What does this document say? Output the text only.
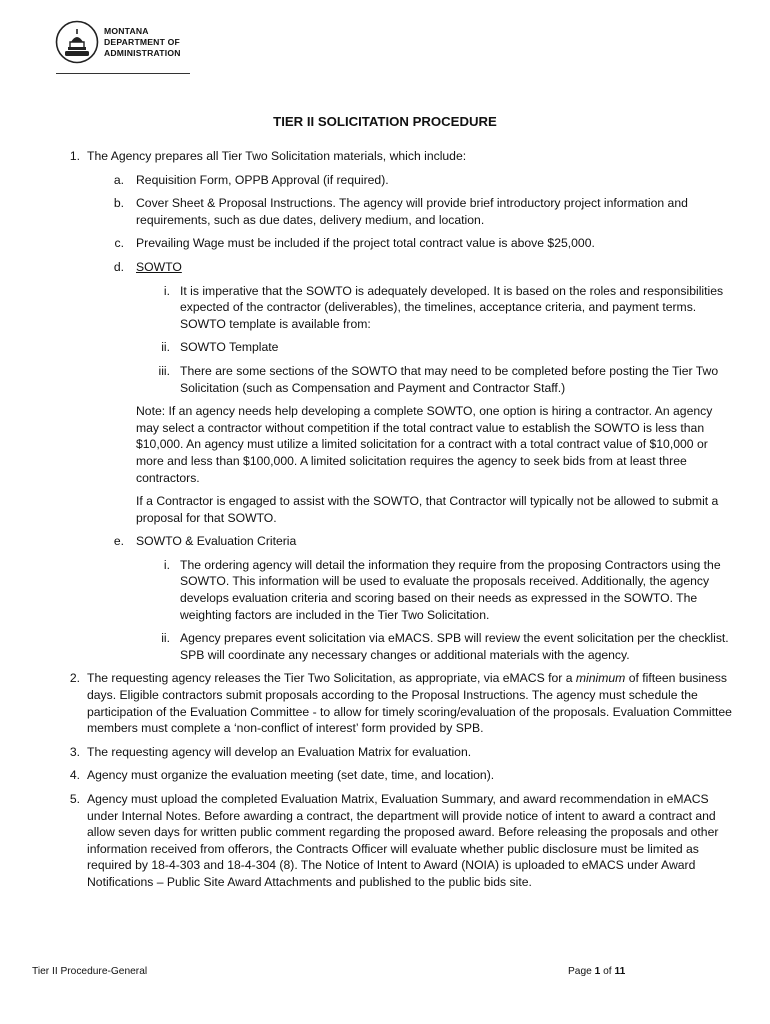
MONTANA
DEPARTMENT OF
ADMINISTRATION
TIER II SOLICITATION PROCEDURE
1. The Agency prepares all Tier Two Solicitation materials, which include:
a. Requisition Form, OPPB Approval (if required).
b. Cover Sheet & Proposal Instructions. The agency will provide brief introductory project information and requirements, such as due dates, delivery medium, and location.
c. Prevailing Wage must be included if the project total contract value is above $25,000.
d. SOWTO
i. It is imperative that the SOWTO is adequately developed. It is based on the roles and responsibilities expected of the contractor (deliverables), the timelines, acceptance criteria, and payment terms. SOWTO template is available from:
ii. SOWTO Template
iii. There are some sections of the SOWTO that may need to be completed before posting the Tier Two Solicitation (such as Compensation and Payment and Contractor Staff.)
Note: If an agency needs help developing a complete SOWTO, one option is hiring a contractor. An agency may select a contractor without competition if the total contract value to establish the SOWTO is less than $10,000. An agency must utilize a limited solicitation for a contract with a total contract value of $10,000 or more and less than $100,000. A limited solicitation requires the agency to seek bids from at least three contractors.
If a Contractor is engaged to assist with the SOWTO, that Contractor will typically not be allowed to submit a proposal for that SOWTO.
e. SOWTO & Evaluation Criteria
i. The ordering agency will detail the information they require from the proposing Contractors using the SOWTO. This information will be used to evaluate the proposals received. Additionally, the agency develops evaluation criteria and scoring based on their needs as expressed in the SOWTO. The weighting factors are included in the Tier Two Solicitation.
ii. Agency prepares event solicitation via eMACS. SPB will review the event solicitation per the checklist. SPB will coordinate any necessary changes or additional materials with the agency.
2. The requesting agency releases the Tier Two Solicitation, as appropriate, via eMACS for a minimum of fifteen business days. Eligible contractors submit proposals according to the Proposal Instructions. The agency must schedule the participation of the Evaluation Committee - to allow for timely scoring/evaluation of the proposals. Evaluation Committee members must complete a ‘non-conflict of interest’ form provided by SPB.
3. The requesting agency will develop an Evaluation Matrix for evaluation.
4. Agency must organize the evaluation meeting (set date, time, and location).
5. Agency must upload the completed Evaluation Matrix, Evaluation Summary, and award recommendation in eMACS under Internal Notes. Before awarding a contract, the department will provide notice of intent to award a contract and allow seven days for written public comment regarding the proposed award. Before releasing the proposals and other information received from offerors, the Contracts Officer will evaluate whether public disclosure must be limited as required by 18-4-303 and 18-4-304 (8). The Notice of Intent to Award (NOIA) is uploaded to eMACS under Award Notifications – Public Site Award Attachments and published to the public bids site.
Tier II Procedure-General	Page 1 of 11
